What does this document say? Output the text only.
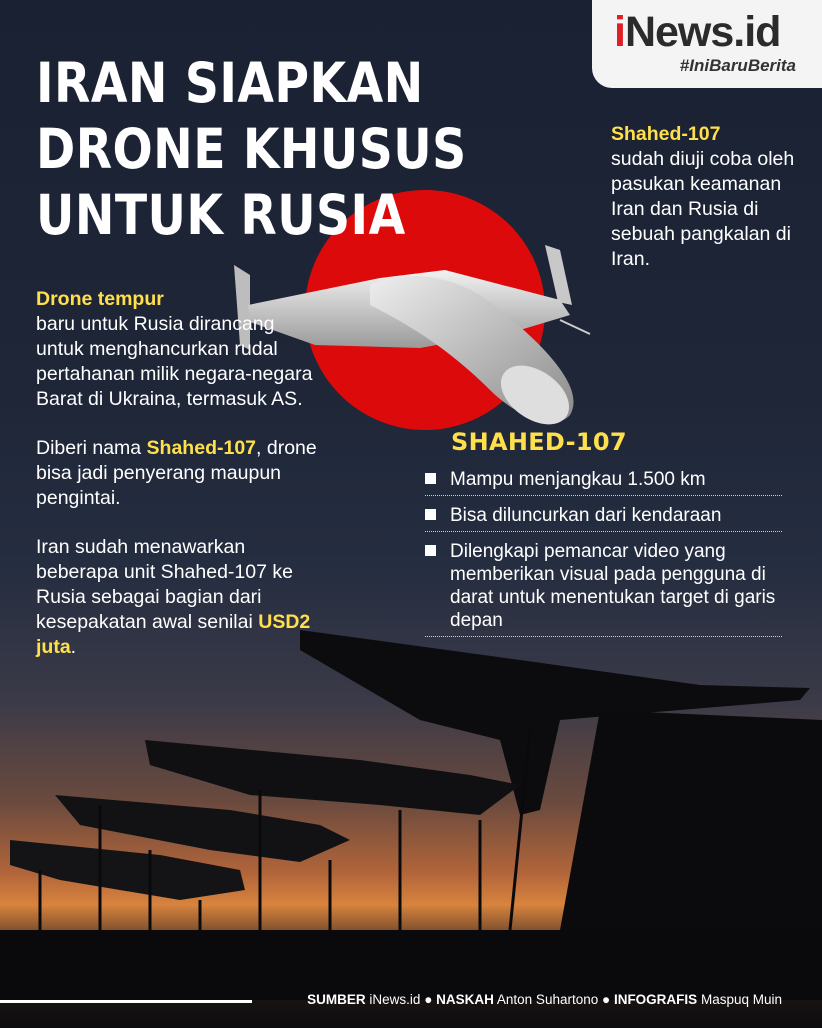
IRAN SIAPKAN
DRONE KHUSUS
UNTUK RUSIA
iNews.id
#IniBaruBerita

Drone tempur
baru untuk Rusia dirancang untuk menghancurkan rudal pertahanan milik negara-negara Barat di Ukraina, termasuk AS.

Diberi nama Shahed-107, drone bisa jadi penyerang maupun pengintai.

Iran sudah menawarkan beberapa unit Shahed-107 ke Rusia sebagai bagian dari kesepakatan awal senilai USD2 juta.

Shahed-107
sudah diuji coba oleh pasukan keamanan Iran dan Rusia di sebuah pangkalan di Iran.
SHAHED-107
Mampu menjangkau 1.500 km
Bisa diluncurkan dari kendaraan
Dilengkapi pemancar video yang memberikan visual pada pengguna di darat untuk menentukan target di garis depan
SUMBER iNews.id ● NASKAH Anton Suhartono ● INFOGRAFIS Maspuq Muin
